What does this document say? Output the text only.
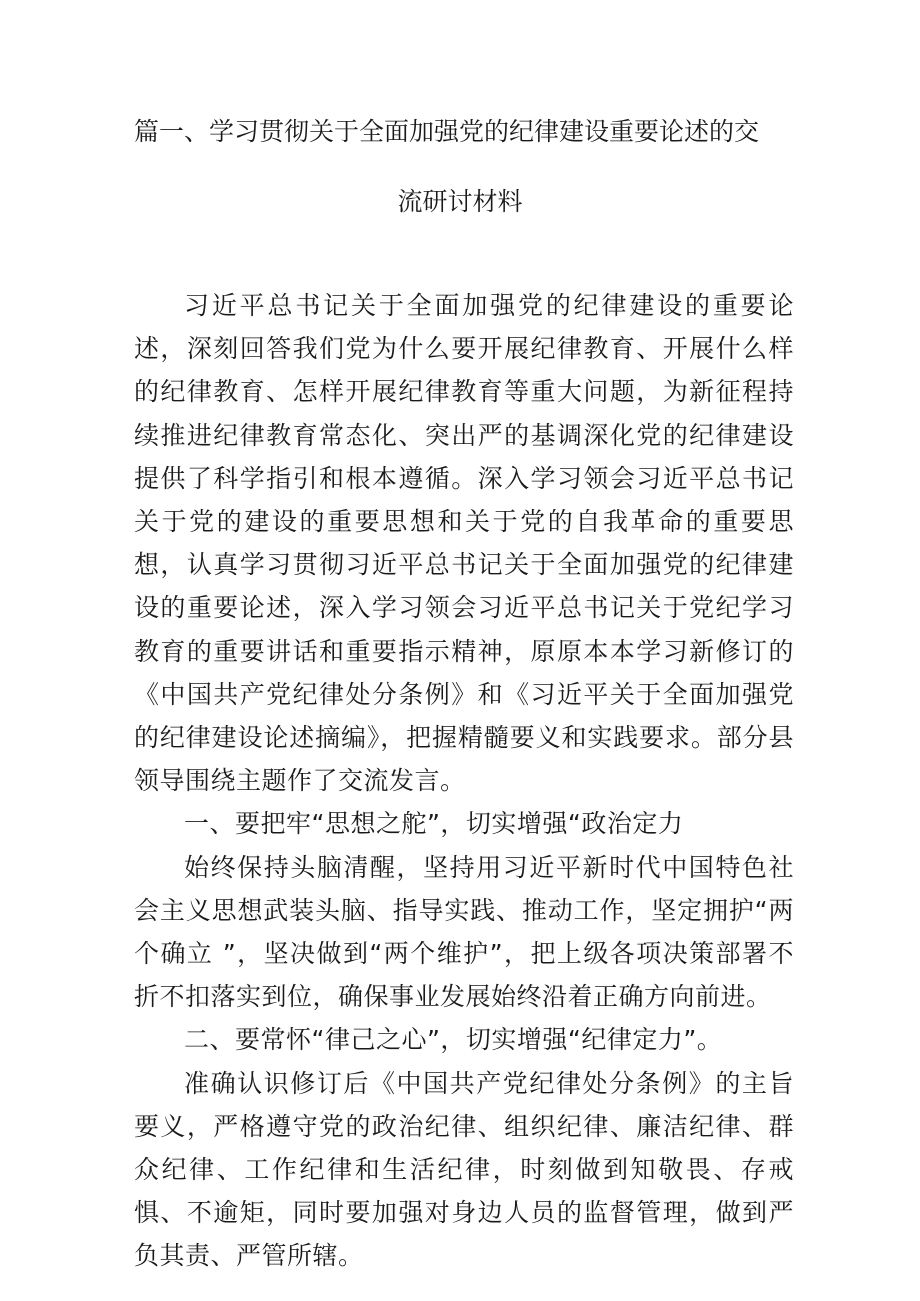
篇一、学习贯彻关于全面加强党的纪律建设重要论述的交
流研讨材料

习近平总书记关于全面加强党的纪律建设的重要论述，深刻回答我们党为什么要开展纪律教育、开展什么样的纪律教育、怎样开展纪律教育等重大问题，为新征程持续推进纪律教育常态化、突出严的基调深化党的纪律建设提供了科学指引和根本遵循。深入学习领会习近平总书记关于党的建设的重要思想和关于党的自我革命的重要思想，认真学习贯彻习近平总书记关于全面加强党的纪律建设的重要论述，深入学习领会习近平总书记关于党纪学习教育的重要讲话和重要指示精神，原原本本学习新修订的《中国共产党纪律处分条例》和《习近平关于全面加强党的纪律建设论述摘编》，把握精髓要义和实践要求。部分县领导围绕主题作了交流发言。

一、要把牢“思想之舵”，切实增强“政治定力

始终保持头脑清醒，坚持用习近平新时代中国特色社会主义思想武装头脑、指导实践、推动工作，坚定拥护“两个确立 ”，坚决做到“两个维护”，把上级各项决策部署不折不扣落实到位，确保事业发展始终沿着正确方向前进。

二、要常怀“律己之心”，切实增强“纪律定力”。

准确认识修订后《中国共产党纪律处分条例》的主旨要义，严格遵守党的政治纪律、组织纪律、廉洁纪律、群众纪律、工作纪律和生活纪律，时刻做到知敬畏、存戒惧、不逾矩，同时要加强对身边人员的监督管理，做到严负其责、严管所辖。
